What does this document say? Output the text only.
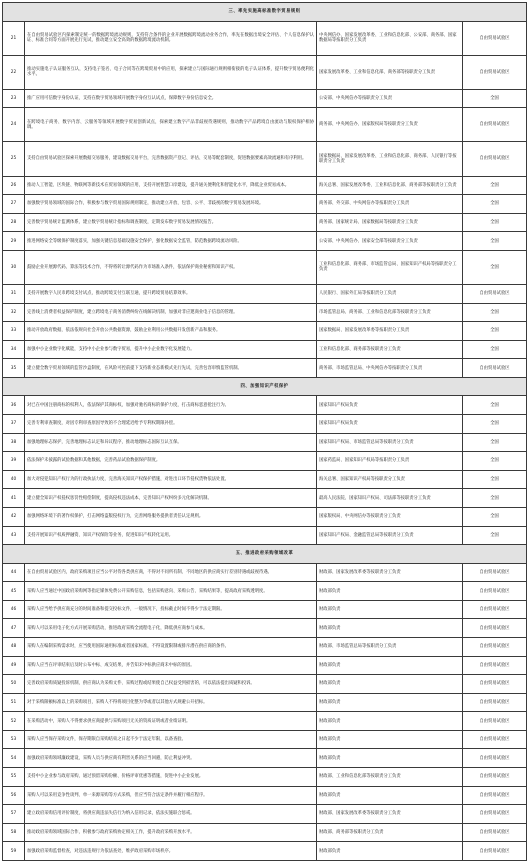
三、率先实施高标准数字贸易规则			
21	在自由贸易试验区内探索制定统一的数据跨境流动规则，支持符合条件的企业开展数据跨境流动业务合作，率先在数据出境安全评估、个人信息保护认证、标准合同等方面开展先行先试，推动建立安全高效的数据跨境流动机制。	中央网信办、国家发展改革委、工业和信息化部、公安部、商务部、国家数据局等按职责分工负责	自由贸易试验区
22	推动实施电子认证服务互认，支持电子签名、电子合同等在跨境贸易中的应用，探索建立与国际通行规则相衔接的电子认证体系，提升数字贸易便利化水平。	国家发展改革委、工业和信息化部、商务部等按职责分工负责	自由贸易试验区
23	推广应用可信数字身份认证，支持在数字贸易领域开展数字身份互认试点，保障数字身份信息安全。	公安部、中央网信办等按职责分工负责	全国
24	在跨境电子商务、数字内容、云服务等领域开展数字贸易创新试点，探索建立数字产品非歧视待遇规则，推动数字产品跨境自由流动与版权保护相协调。	商务部、中央网信办、国家版权局等按职责分工负责	自由贸易试验区
25	支持自由贸易试验区探索开展数据交易服务，建设数据交易平台，完善数据资产登记、评估、交易等配套制度，促进数据要素高效流通和有序利用。	国家数据局、国家发展改革委、工业和信息化部、商务部、人民银行等按职责分工负责	自由贸易试验区
26	推动人工智能、区块链、物联网等新技术在贸易领域的应用，支持开展智慧口岸建设，提升通关便利化和智能化水平，降低企业贸易成本。	海关总署、国家发展改革委、工业和信息化部、商务部等按职责分工负责	全国
27	加强数字贸易领域的国际合作，积极参与数字贸易国际规则制定，推动建立开放、包容、公平、非歧视的数字贸易发展环境。	商务部、外交部、中央网信办等按职责分工负责	全国
28	完善数字贸易统计监测体系，建立数字贸易统计指标和调查制度，定期发布数字贸易发展情况报告。	商务部、国家统计局、国家数据局等按职责分工负责	全国
29	推进网络安全等级保护制度落实，加强关键信息基础设施安全保护，强化数据安全监管，防范数据跨境流动风险。	公安部、中央网信办、国家安全部等按职责分工负责	全国
30	鼓励企业开展源代码、算法等技术合作，不得将转让源代码作为市场准入条件，依法保护商业秘密和知识产权。	工业和信息化部、商务部、市场监管总局、国家知识产权局等按职责分工负责	全国
31	支持开展数字人民币跨境支付试点，推动跨境支付互联互通，提升跨境贸易结算效率。	人民银行、国家外汇局等按职责分工负责	自由贸易试验区
32	完善线上消费者权益保护制度，建立跨境电子商务消费纠纷在线解决机制，加强对非应邀商业电子信息的管理。	市场监管总局、商务部、工业和信息化部等按职责分工负责	全国
33	推动开放政府数据，依法依规向社会开放公共数据资源，鼓励企业利用公共数据开发创新产品和服务。	国家数据局、国家发展改革委等按职责分工负责	全国
34	加强中小企业数字化赋能，支持中小企业参与数字贸易，提升中小企业数字化发展能力。	工业和信息化部、商务部等按职责分工负责	全国
35	建立健全数字贸易领域的监管沙盒制度，在风险可控前提下支持新业态新模式先行先试，完善包容审慎监管机制。	商务部、市场监管总局、中央网信办等按职责分工负责	自由贸易试验区
四、加强知识产权保护			
36	对已在中国注册商标的权利人，依法保护其商标权，加强对驰名商标的保护力度，打击商标恶意抢注行为。	国家知识产权局负责	全国
37	完善专利审查制度，对因专利审查原因导致的不合理延迟给予专利权期限补偿。	国家知识产权局负责	全国
38	加强地理标志保护，完善地理标志认定和异议程序，推动地理标志国际互认互保。	国家知识产权局、市场监管总局等按职责分工负责	全国
39	依法保护未披露的试验数据和其他数据，完善药品试验数据保护制度。	国家药监局、国家知识产权局等按职责分工负责	全国
40	加大对侵犯知识产权行为的行政执法力度，完善海关知识产权保护措施，对进出口环节侵权货物依法处置。	海关总署、国家知识产权局等按职责分工负责	全国
41	建立健全知识产权侵权惩罚性赔偿制度，提高侵权违法成本，完善知识产权纠纷多元化解决机制。	最高人民法院、国家知识产权局、司法部等按职责分工负责	全国
42	加强网络环境下的著作权保护，打击网络盗版侵权行为，完善网络服务提供者责任认定规则。	国家版权局、中央网信办等按职责分工负责	全国
43	支持开展知识产权质押融资、知识产权保险等业务，促进知识产权转化运用。	国家知识产权局、金融监管总局等按职责分工负责	全国
五、推进政府采购领域改革			
44	在自由贸易试验区内，政府采购项目应当公平对待各类供应商，不得对不同所有制、不同地区的供应商实行差别待遇或歧视待遇。	财政部、国家发展改革委等按职责分工负责	自由贸易试验区
45	采购人应当通过中国政府采购网等指定媒体免费公开采购信息，包括采购意向、采购公告、采购结果等，提高政府采购透明度。	财政部负责	自由贸易试验区
46	采购人应当给予供应商充分的时间准备和提交投标文件，一般情况下，投标截止时间不得少于法定期限。	财政部负责	自由贸易试验区
47	采购人可以采用电子化方式开展采购活动，推进政府采购全流程电子化，降低供应商参与成本。	财政部负责	自由贸易试验区
48	采购人在编制采购需求时，应当使用国际通用标准或者国家标准，不得设置限制或排斥潜在供应商的条件。	财政部、市场监管总局等按职责分工负责	自由贸易试验区
49	采购人应当在评审结束后及时公布中标、成交结果，并告知未中标供应商未中标的原因。	财政部负责	自由贸易试验区
50	完善政府采购质疑投诉机制，供应商认为采购文件、采购过程或结果使自己权益受到损害的，可以依法提出质疑和投诉。	财政部负责	自由贸易试验区
51	对于采购限额标准以上的采购项目，采购人不得将项目化整为零或者以其他方式规避公开招标。	财政部负责	自由贸易试验区
52	在采购活动中，采购人不得要求供应商提供与采购项目无关的资质证明或者业绩证明。	财政部负责	自由贸易试验区
53	采购人应当保存采购文件，保存期限自采购结束之日起不少于法定年限，以备查验。	财政部负责	自由贸易试验区
54	加强政府采购领域廉政建设，采购人员与供应商有利害关系的应当回避，防止利益冲突。	财政部负责	自由贸易试验区
55	支持中小企业参与政府采购，通过预留采购份额、价格评审优惠等措施，促进中小企业发展。	财政部、工业和信息化部等按职责分工负责	自由贸易试验区
56	采购人可以采用竞争性谈判、单一来源采购等方式采购，但应当符合法定条件并履行相应程序。	财政部负责	自由贸易试验区
57	建立政府采购信用评价制度，将供应商违法失信行为纳入信用记录，依法实施联合惩戒。	财政部、国家发展改革委等按职责分工负责	自由贸易试验区
58	推动政府采购领域国际合作，积极参与政府采购协定相关工作，提升政府采购开放水平。	财政部、商务部等按职责分工负责	自由贸易试验区
59	加强政府采购监督检查，对违法违规行为依法查处，维护政府采购市场秩序。	财政部负责	自由贸易试验区
